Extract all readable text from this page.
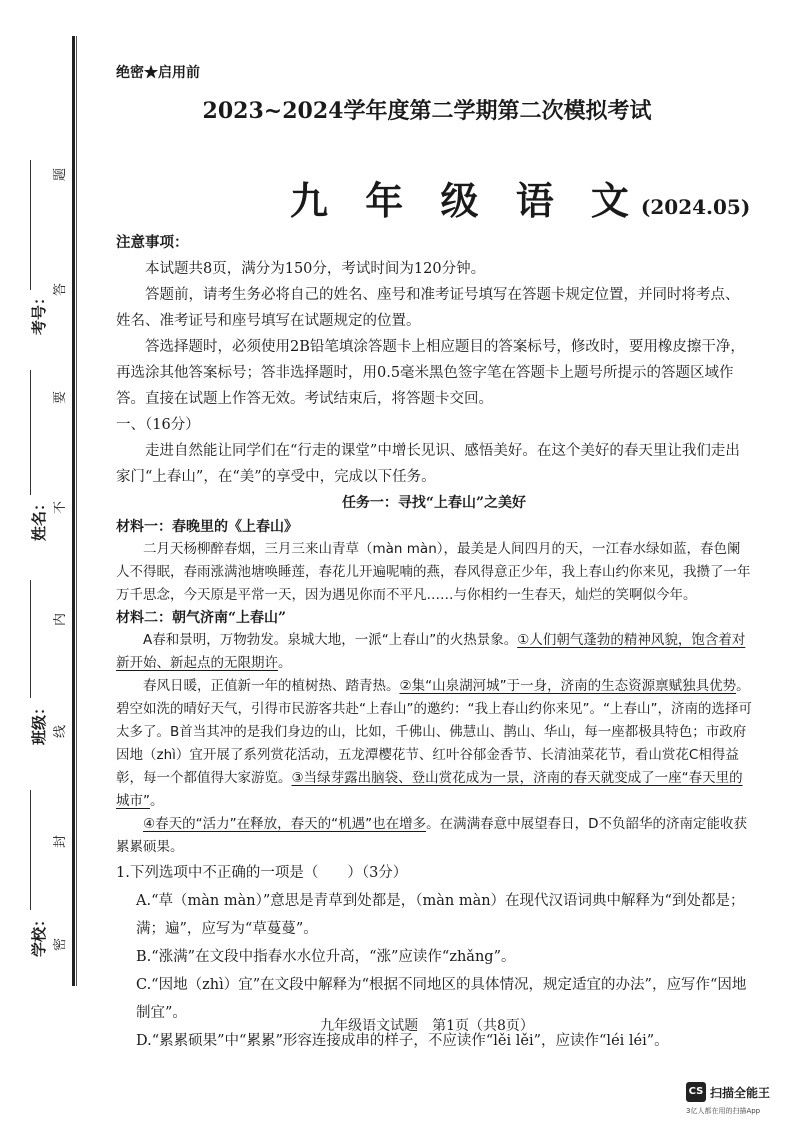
考号：
姓名：
班级：
学校：
题
答
要
不
内
线
封
密
绝密★启用前
2023~2024学年度第二学期第二次模拟考试
九 年 级 语 文(2024.05)

注意事项：

本试题共8页，满分为150分，考试时间为120分钟。

答题前，请考生务必将自己的姓名、座号和准考证号填写在答题卡规定位置，并同时将考点、姓名、准考证号和座号填写在试题规定的位置。

答选择题时，必须使用2B铅笔填涂答题卡上相应题目的答案标号，修改时，要用橡皮擦干净，再选涂其他答案标号；答非选择题时，用0.5毫米黑色签字笔在答题卡上题号所提示的答题区域作答。直接在试题上作答无效。考试结束后，将答题卡交回。

一、（16分）

走进自然能让同学们在“行走的课堂”中增长见识、感悟美好。在这个美好的春天里让我们走出家门“上春山”，在“美”的享受中，完成以下任务。

任务一：寻找“上春山”之美好

材料一：春晚里的《上春山》

二月天杨柳醉春烟，三月三来山青草（màn màn），最美是人间四月的天，一江春水绿如蓝，春色阑人不得眠，春雨涨满池塘唤睡莲，春花儿开遍呢喃的燕，春风得意正少年，我上春山约你来见，我攒了一年万千思念，今天原是平常一天，因为遇见你而不平凡……与你相约一生春天，灿烂的笑啊似今年。

材料二：朝气济南“上春山”

A春和景明，万物勃发。泉城大地，一派“上春山”的火热景象。①人们朝气蓬勃的精神风貌，饱含着对新开始、新起点的无限期许。

春风日暖，正值新一年的植树热、踏青热。②集“山泉湖河城”于一身，济南的生态资源禀赋独具优势。碧空如洗的晴好天气，引得市民游客共赴“上春山”的邀约：“我上春山约你来见”。“上春山”，济南的选择可太多了。B首当其冲的是我们身边的山，比如，千佛山、佛慧山、鹊山、华山，每一座都极具特色；市政府因地（zhì）宜开展了系列赏花活动，五龙潭樱花节、红叶谷郁金香节、长清油菜花节，看山赏花C相得益彰，每一个都值得大家游览。③当绿芽露出脑袋、登山赏花成为一景，济南的春天就变成了一座“春天里的城市”。

④春天的“活力”在释放，春天的“机遇”也在增多。在满满春意中展望春日，D不负韶华的济南定能收获累累硕果。

1.下列选项中不正确的一项是（　　）（3分）

A.“草（màn màn）”意思是青草到处都是，（màn màn）在现代汉语词典中解释为“到处都是；满；遍”，应写为“草蔓蔓”。

B.“涨满”在文段中指春水水位升高，“涨”应读作“zhǎng”。

C.“因地（zhì）宜”在文段中解释为“根据不同地区的具体情况，规定适宜的办法”，应写作“因地制宜”。

D.“累累硕果”中“累累”形容连接成串的样子，不应读作“lěi lěi”，应读作“léi léi”。

九年级语文试题　第1页（共8页）
CS 扫描全能王
3亿人都在用的扫描App
